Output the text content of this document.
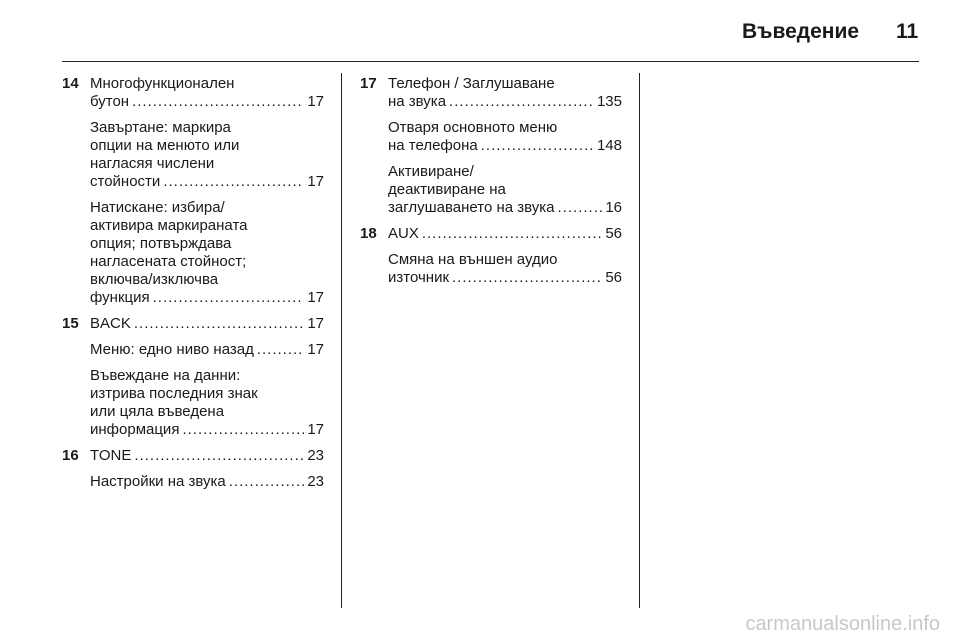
Въведение 11
14 Многофункционален
бутон .....	17
Завъртане: маркира
опции на менюто или
нагласяя числени
стойности .....	17
Натискане: избира/
активира маркираната
опция; потвърждава
нагласената стойност;
включва/изключва
функция .....	17
15 BACK .....	17
Меню: едно ниво назад .....	17
Въвеждане на данни:
изтрива последния знак
или цяла въведена
информация .....	17
16 TONE .....	23
Настройки на звука .....	23
17 Телефон / Заглушаване
на звука .....	135
Отваря основното меню
на телефона .....	148
Активиране/
деактивиране на
заглушаването на звука .....	16
18 AUX .....	56
Смяна на външен аудио
източник .....	56
carmanualsonline.info
